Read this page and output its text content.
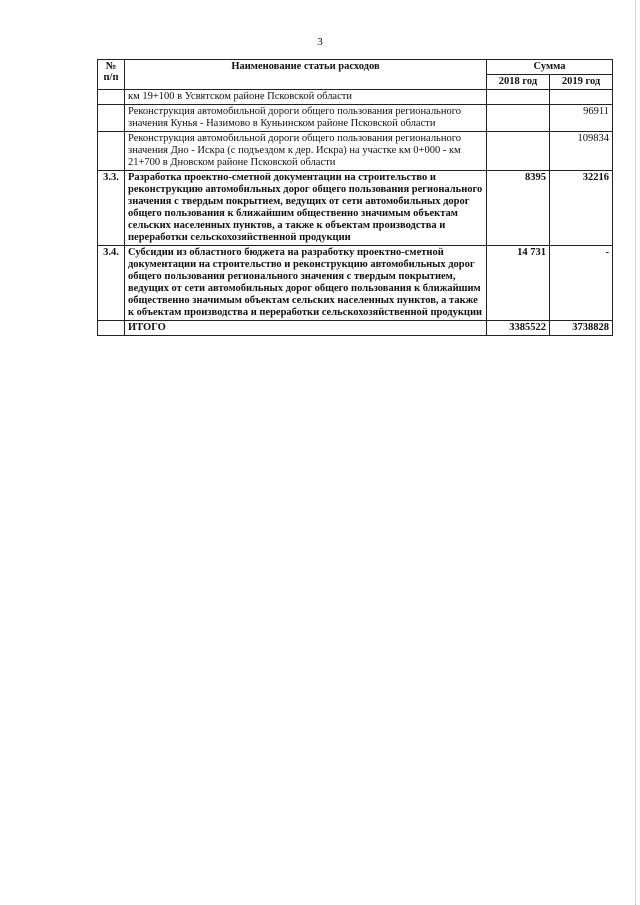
3
№ п/п	Наименование статьи расходов	Сумма	
		2018 год	2019 год
	км 19+100 в Усвятском районе Псковской области		
	Реконструкция автомобильной дороги общего пользования регионального значения Кунья - Назимово в Куньинском районе Псковской области		96911
	Реконструкция автомобильной дороги общего пользования регионального значения Дно - Искра (с подъездом к дер. Искра) на участке км 0+000 - км 21+700 в Дновском районе Псковской области		109834
3.3.	Разработка проектно-сметной документации на строительство и реконструкцию автомобильных дорог общего пользования регионального значения с твердым покрытием, ведущих от сети автомобильных дорог общего пользования к ближайшим общественно значимым объектам сельских населенных пунктов, а также к объектам производства и переработки сельскохозяйственной продукции	8395	32216
3.4.	Субсидии из областного бюджета на разработку проектно-сметной документации на строительство и реконструкцию автомобильных дорог общего пользования регионального значения с твердым покрытием, ведущих от сети автомобильных дорог общего пользования к ближайшим общественно значимым объектам сельских населенных пунктов, а также к объектам производства и переработки сельскохозяйственной продукции	14 731	-
	ИТОГО	3385522	3738828
